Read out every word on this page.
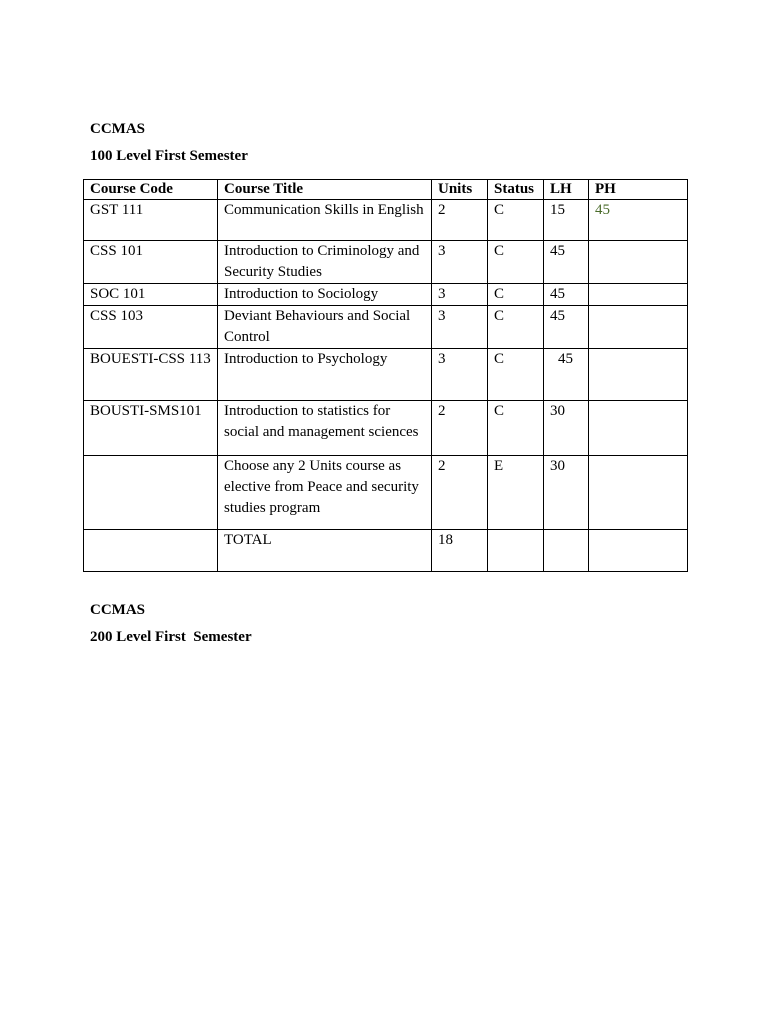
CCMAS
100 Level First Semester
Course Code	Course Title	Units	Status	LH	PH
GST 111	Communication Skills in English	2	C	15	45
CSS 101	Introduction to Criminology and Security Studies	3	C	45	
SOC 101	Introduction to Sociology	3	C	45	
CSS 103	Deviant Behaviours and Social Control	3	C	45	
BOUESTI-CSS 113	Introduction to Psychology	3	C	45	
BOUSTI-SMS101	Introduction to statistics for social and management sciences	2	C	30	
	Choose any 2 Units course as elective from Peace and security studies program	2	E	30	
	TOTAL	18			
CCMAS
200 Level First  Semester
